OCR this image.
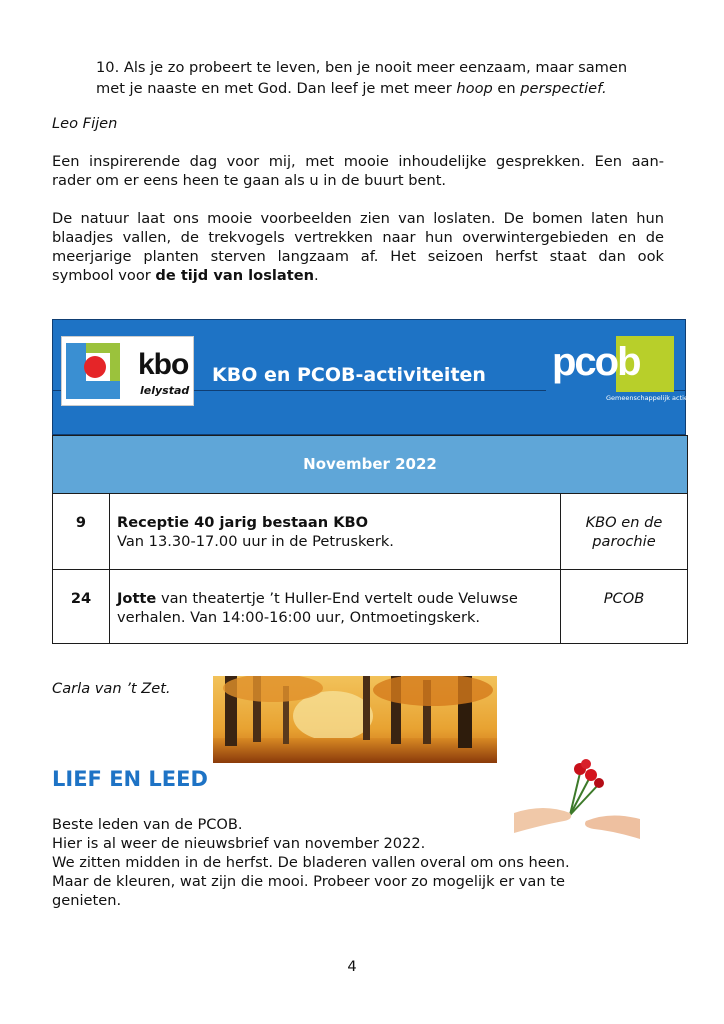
10. Als je zo probeert te leven, ben je nooit meer eenzaam, maar samen

met je naaste en met God. Dan leef je met meer hoop en perspectief.

Leo Fijen

Een inspirerende dag voor mij, met mooie inhoudelijke gesprekken. Een aan-

rader om er eens heen te gaan als u in de buurt bent.

De natuur laat ons mooie voorbeelden zien van loslaten. De bomen laten hun

blaadjes vallen, de trekvogels vertrekken naar hun overwintergebieden en de

meerjarige planten sterven langzaam af. Het seizoen herfst staat dan ook

symbool voor de tijd van loslaten.

kbo
lelystad
KBO en PCOB-activiteiten pcob
Gemeenschappelijk actief
November 2022
9	Receptie 40 jarig bestaan KBO

Van 13.30-17.00 uur in de Petruskerk.

KBO en de

parochie

24	Jotte van theatertje ’t Huller-End vertelt oude Veluwse

verhalen. Van 14:00-16:00 uur, Ontmoetingskerk.

PCOB

Carla van ’t Zet.

LIEF EN LEED

Beste leden van de PCOB.

Hier is al weer de nieuwsbrief van november 2022.

We zitten midden in de herfst. De bladeren vallen overal om ons heen.

Maar de kleuren, wat zijn die mooi. Probeer voor zo mogelijk er van te

genieten.

4
